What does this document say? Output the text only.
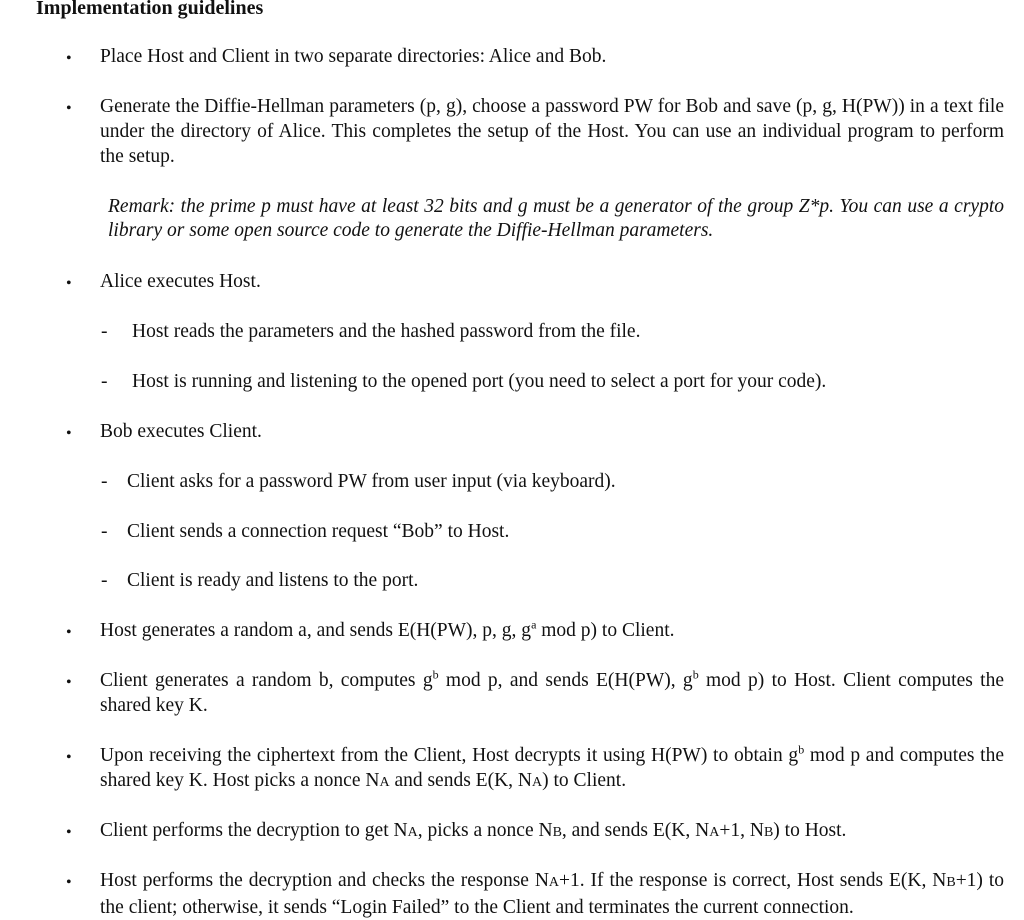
Implementation guidelines
• Place Host and Client in two separate directories: Alice and Bob.

• Generate the Diffie-Hellman parameters (p, g), choose a password PW for Bob and save (p, g, H(PW)) in a text file under the directory of Alice. This completes the setup of the Host. You can use an individual program to perform the setup.

Remark: the prime p must have at least 32 bits and g must be a generator of the group Z*p. You can use a crypto library or some open source code to generate the Diffie-Hellman parameters.

• Alice executes Host.

- Host reads the parameters and the hashed password from the file.

- Host is running and listening to the opened port (you need to select a port for your code).

• Bob executes Client.

- Client asks for a password PW from user input (via keyboard).

- Client sends a connection request “Bob” to Host.

- Client is ready and listens to the port.

• Host generates a random a, and sends E(H(PW), p, g, $g^a$ mod p) to Client.

• Client generates a random b, computes $g^b$ mod p, and sends E(H(PW), $g^b$ mod p) to Host. Client computes the shared key K.

• Upon receiving the ciphertext from the Client, Host decrypts it using H(PW) to obtain $g^b$ mod p and computes the shared key K. Host picks a nonce NA and sends E(K, NA) to Client.

• Client performs the decryption to get NA, picks a nonce NB, and sends E(K, NA+1, NB) to Host.

• Host performs the decryption and checks the response NA+1. If the response is correct, Host sends E(K, NB+1) to the client; otherwise, it sends “Login Failed” to the Client and terminates the current connection.
